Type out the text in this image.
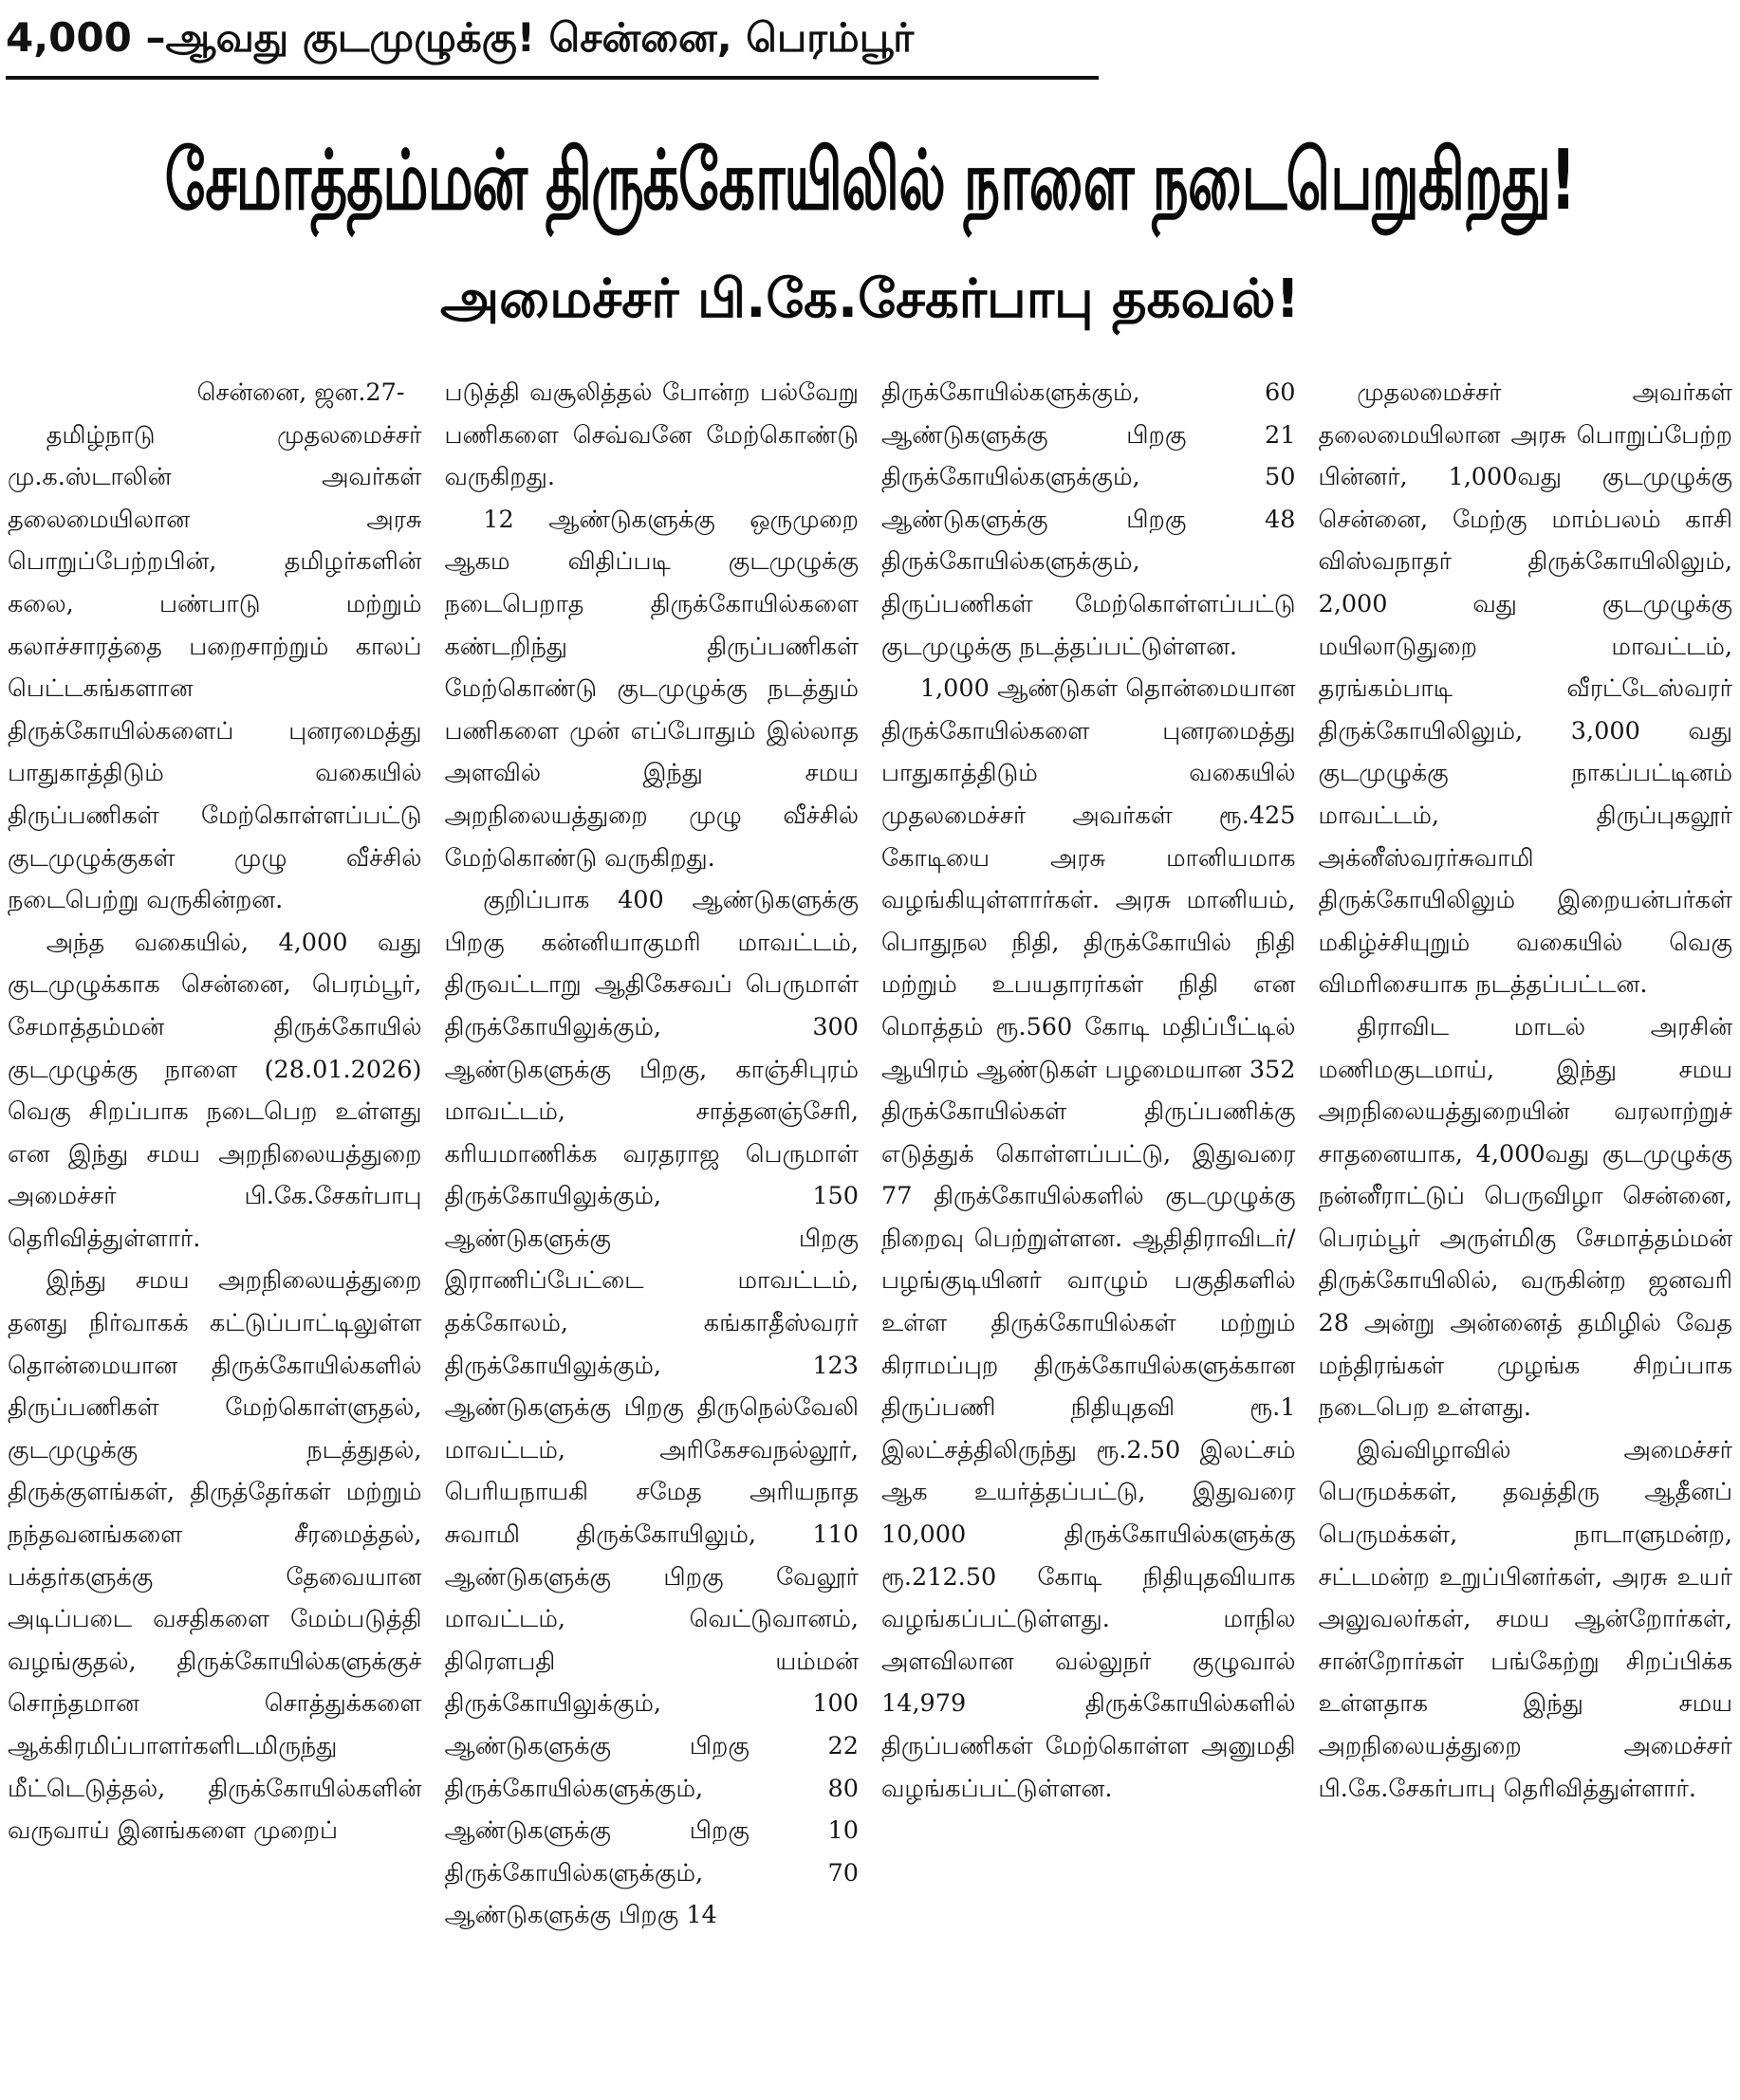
4,000 –ஆவது குடமுழுக்கு! சென்னை, பெரம்பூர்
சேமாத்தம்மன் திருக்கோயிலில் நாளை நடைபெறுகிறது!
அமைச்சர் பி.கே.சேகர்பாபு தகவல்!

சென்னை, ஜன.27-

தமிழ்நாடு முதலமைச்சர் மு.க.ஸ்டாலின் அவர்கள் தலைமையிலான அரசு பொறுப்பேற்றபின், தமிழர்களின் கலை, பண்பாடு மற்றும் கலாச்சாரத்தை பறைசாற்றும் காலப் பெட்டகங்களான திருக்கோயில்களைப் புனரமைத்து பாதுகாத்திடும் வகையில் திருப்பணிகள் மேற்கொள்ளப்பட்டு குடமுழுக்குகள் முழு வீச்சில் நடைபெற்று வருகின்றன.

அந்த வகையில், 4,000 வது குடமுழுக்காக சென்னை, பெரம்பூர், சேமாத்தம்மன் திருக்கோயில் குடமுழுக்கு நாளை (28.01.2026) வெகு சிறப்பாக நடைபெற உள்ளது என இந்து சமய அறநிலையத்துறை அமைச்சர் பி.கே.சேகர்பாபு தெரிவித்துள்ளார்.

இந்து சமய அறநிலையத்துறை தனது நிர்வாகக் கட்டுப்பாட்டிலுள்ள தொன்மையான திருக்கோயில்களில் திருப்பணிகள் மேற்கொள்ளுதல், குடமுழுக்கு நடத்துதல், திருக்குளங்கள், திருத்தேர்கள் மற்றும் நந்தவனங்களை சீரமைத்தல், பக்தர்களுக்கு தேவையான அடிப்படை வசதிகளை மேம்படுத்தி வழங்குதல், திருக்கோயில்களுக்குச் சொந்தமான சொத்துக்களை ஆக்கிரமிப்பாளர்களிடமிருந்து மீட்டெடுத்தல், திருக்கோயில்களின் வருவாய் இனங்களை முறைப்

படுத்தி வசூலித்தல் போன்ற பல்வேறு பணிகளை செவ்வனே மேற்கொண்டு வருகிறது.

12 ஆண்டுகளுக்கு ஒருமுறை ஆகம விதிப்படி குடமுழுக்கு நடைபெறாத திருக்கோயில்களை கண்டறிந்து திருப்பணிகள் மேற்கொண்டு குடமுழுக்கு நடத்தும் பணிகளை முன் எப்போதும் இல்லாத அளவில் இந்து சமய அறநிலையத்துறை முழு வீச்சில் மேற்கொண்டு வருகிறது.

குறிப்பாக 400 ஆண்டுகளுக்கு பிறகு கன்னியாகுமரி மாவட்டம், திருவட்டாறு ஆதிகேசவப் பெருமாள் திருக்கோயிலுக்கும், 300 ஆண்டுகளுக்கு பிறகு, காஞ்சிபுரம் மாவட்டம், சாத்தனஞ்சேரி, கரியமாணிக்க வரதராஜ பெருமாள் திருக்கோயிலுக்கும், 150 ஆண்டுகளுக்கு பிறகு இராணிப்பேட்டை மாவட்டம், தக்கோலம், கங்காதீஸ்வரர் திருக்கோயிலுக்கும், 123 ஆண்டுகளுக்கு பிறகு திருநெல்வேலி மாவட்டம், அரிகேசவநல்லூர், பெரியநாயகி சமேத அரியநாத சுவாமி திருக்கோயிலும், 110 ஆண்டுகளுக்கு பிறகு வேலூர் மாவட்டம், வெட்டுவானம், திரௌபதி யம்மன் திருக்கோயிலுக்கும், 100 ஆண்டுகளுக்கு பிறகு 22 திருக்கோயில்களுக்கும், 80 ஆண்டுகளுக்கு பிறகு 10 திருக்கோயில்களுக்கும், 70 ஆண்டுகளுக்கு பிறகு 14

திருக்கோயில்களுக்கும், 60 ஆண்டுகளுக்கு பிறகு 21 திருக்கோயில்களுக்கும், 50 ஆண்டுகளுக்கு பிறகு 48 திருக்கோயில்களுக்கும், திருப்பணிகள் மேற்கொள்ளப்பட்டு குடமுழுக்கு நடத்தப்பட்டுள்ளன.

1,000 ஆண்டுகள் தொன்மையான திருக்கோயில்களை புனரமைத்து பாதுகாத்திடும் வகையில் முதலமைச்சர் அவர்கள் ரூ.425 கோடியை அரசு மானியமாக வழங்கியுள்ளார்கள். அரசு மானியம், பொதுநல நிதி, திருக்கோயில் நிதி மற்றும் உபயதாரர்கள் நிதி என மொத்தம் ரூ.560 கோடி மதிப்பீட்டில் ஆயிரம் ஆண்டுகள் பழமையான 352 திருக்கோயில்கள் திருப்பணிக்கு எடுத்துக் கொள்ளப்பட்டு, இதுவரை 77 திருக்கோயில்களில் குடமுழுக்கு நிறைவு பெற்றுள்ளன. ஆதிதிராவிடர்/ பழங்குடியினர் வாழும் பகுதிகளில் உள்ள திருக்கோயில்கள் மற்றும் கிராமப்புற திருக்கோயில்களுக்கான திருப்பணி நிதியுதவி ரூ.1 இலட்சத்திலிருந்து ரூ.2.50 இலட்சம் ஆக உயர்த்தப்பட்டு, இதுவரை 10,000 திருக்கோயில்களுக்கு ரூ.212.50 கோடி நிதியுதவியாக வழங்கப்பட்டுள்ளது. மாநில அளவிலான வல்லுநர் குழுவால் 14,979 திருக்கோயில்களில் திருப்பணிகள் மேற்கொள்ள அனுமதி வழங்கப்பட்டுள்ளன.

முதலமைச்சர் அவர்கள் தலைமையிலான அரசு பொறுப்பேற்ற பின்னர், 1,000வது குடமுழுக்கு சென்னை, மேற்கு மாம்பலம் காசி விஸ்வநாதர் திருக்கோயிலிலும், 2,000 வது குடமுழுக்கு மயிலாடுதுறை மாவட்டம், தரங்கம்பாடி வீரட்டேஸ்வரர் திருக்கோயிலிலும், 3,000 வது குடமுழுக்கு நாகப்பட்டினம் மாவட்டம், திருப்புகலூர் அக்னீஸ்வரர்சுவாமி திருக்கோயிலிலும் இறையன்பர்கள் மகிழ்ச்சியுறும் வகையில் வெகு விமரிசையாக நடத்தப்பட்டன.

திராவிட மாடல் அரசின் மணிமகுடமாய், இந்து சமய அறநிலையத்துறையின் வரலாற்றுச் சாதனையாக, 4,000வது குடமுழுக்கு நன்னீராட்டுப் பெருவிழா சென்னை, பெரம்பூர் அருள்மிகு சேமாத்தம்மன் திருக்கோயிலில், வருகின்ற ஜனவரி 28 அன்று அன்னைத் தமிழில் வேத மந்திரங்கள் முழங்க சிறப்பாக நடைபெற உள்ளது.

இவ்விழாவில் அமைச்சர் பெருமக்கள், தவத்திரு ஆதீனப் பெருமக்கள், நாடாளுமன்ற, சட்டமன்ற உறுப்பினர்கள், அரசு உயர் அலுவலர்கள், சமய ஆன்றோர்கள், சான்றோர்கள் பங்கேற்று சிறப்பிக்க உள்ளதாக இந்து சமய அறநிலையத்துறை அமைச்சர் பி.கே.சேகர்பாபு தெரிவித்துள்ளார்.
